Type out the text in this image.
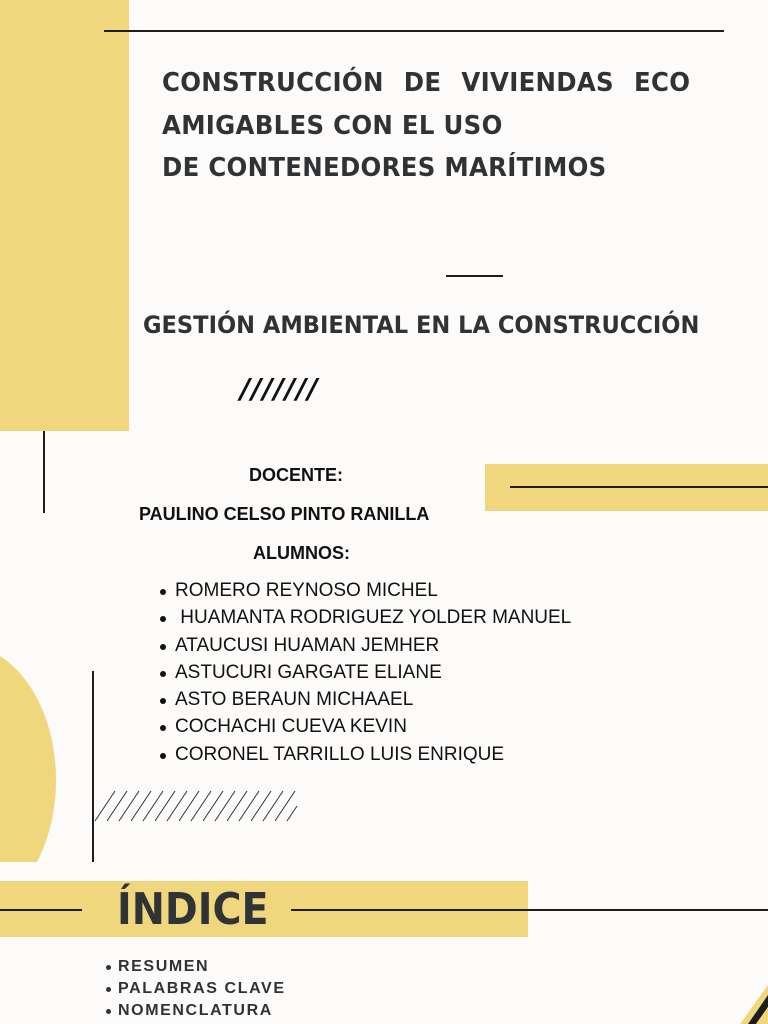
CONSTRUCCIÓN DE VIVIENDAS ECO
AMIGABLES CON EL USO
DE CONTENEDORES MARÍTIMOS
GESTIÓN AMBIENTAL EN LA CONSTRUCCIÓN
///////
DOCENTE:
PAULINO CELSO PINTO RANILLA
ALUMNOS:
ROMERO REYNOSO MICHEL
HUAMANTA RODRIGUEZ YOLDER MANUEL
ATAUCUSI HUAMAN JEMHER
ASTUCURI GARGATE ELIANE
ASTO BERAUN MICHAAEL
COCHACHI CUEVA KEVIN
CORONEL TARRILLO LUIS ENRIQUE
ÍNDICE
RESUMEN
PALABRAS CLAVE
NOMENCLATURA
